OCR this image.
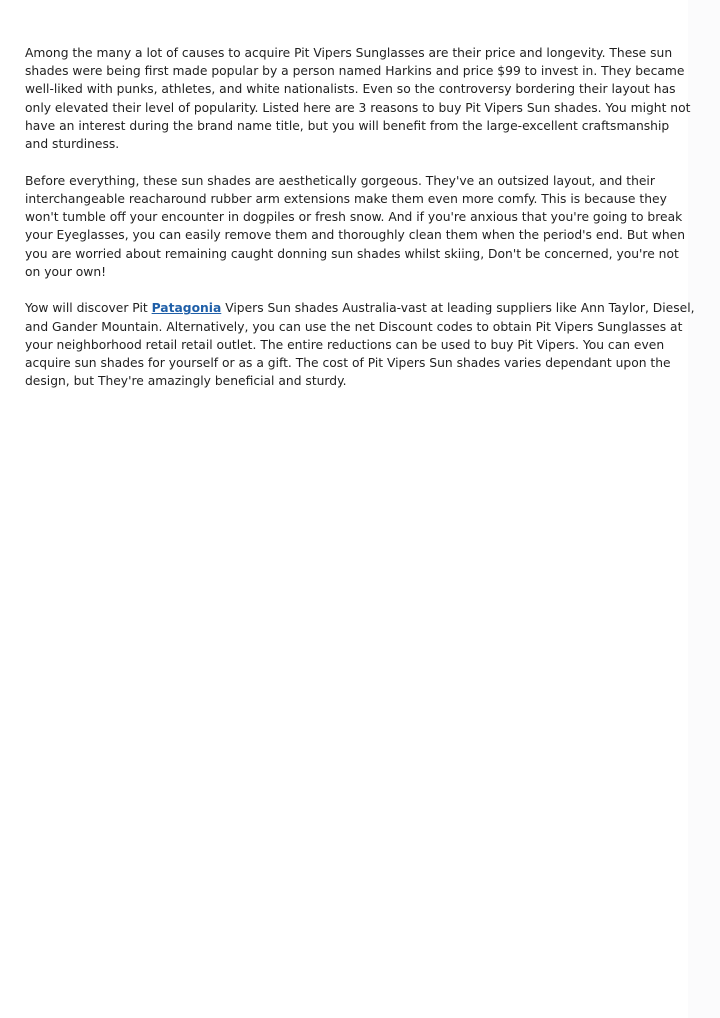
Among the many a lot of causes to acquire Pit Vipers Sunglasses are their price and longevity. These sun shades were being first made popular by a person named Harkins and price $99 to invest in. They became well-liked with punks, athletes, and white nationalists. Even so the controversy bordering their layout has only elevated their level of popularity. Listed here are 3 reasons to buy Pit Vipers Sun shades. You might not have an interest during the brand name title, but you will benefit from the large-excellent craftsmanship and sturdiness.

Before everything, these sun shades are aesthetically gorgeous. They've an outsized layout, and their interchangeable reacharound rubber arm extensions make them even more comfy. This is because they won't tumble off your encounter in dogpiles or fresh snow. And if you're anxious that you're going to break your Eyeglasses, you can easily remove them and thoroughly clean them when the period's end. But when you are worried about remaining caught donning sun shades whilst skiing, Don't be concerned, you're not on your own!

Yow will discover Pit Patagonia Vipers Sun shades Australia-vast at leading suppliers like Ann Taylor, Diesel, and Gander Mountain. Alternatively, you can use the net Discount codes to obtain Pit Vipers Sunglasses at your neighborhood retail retail outlet. The entire reductions can be used to buy Pit Vipers. You can even acquire sun shades for yourself or as a gift. The cost of Pit Vipers Sun shades varies dependant upon the design, but They're amazingly beneficial and sturdy.
